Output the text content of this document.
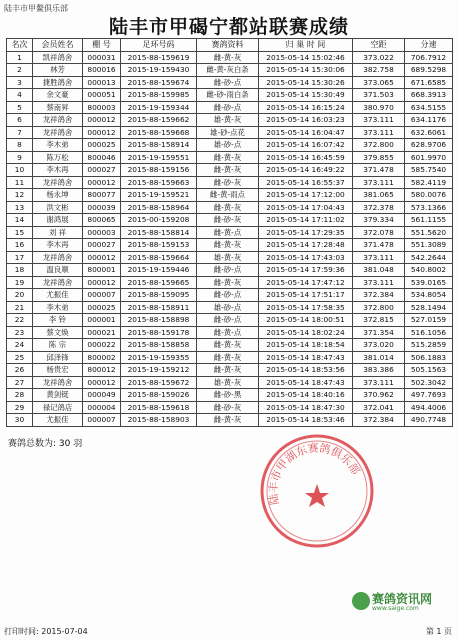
陆丰市甲鳌俱乐部
陆丰市甲碣宁都站联赛成绩
名次	会员姓名	棚 号	足环号码	赛鸽资料	归 巢 时 间	空距	分速
1	凯祥鸽舍	000031	2015-88-159619	雌-黄-灰	2015-05-14 15:02:46	373.022	706.7912
2	林芳	800016	2015-19-159430	雌-黄-灰白条	2015-05-14 15:30:06	382.758	689.5298
3	捷胜鸽舍	000013	2015-88-159674	雌-砂-点	2015-05-14 15:30:26	373.065	671.6585
4	余文豪	000051	2015-88-159985	雌-砂-雨白条	2015-05-14 15:30:49	371.503	668.3913
5	蔡南昇	800003	2015-19-159344	雌-砂-点	2015-05-14 16:15:24	380.970	634.5155
6	龙祥鸽舍	000012	2015-88-159662	雄-黄-灰	2015-05-14 16:03:23	373.111	634.1176
7	龙祥鸽舍	000012	2015-88-159668	雄-砂-点花	2015-05-14 16:04:47	373.111	632.6061
8	李木弟	000025	2015-88-158914	雄-砂-点	2015-05-14 16:07:42	372.800	628.9706
9	陈万松	800046	2015-19-159551	雌-黄-灰	2015-05-14 16:45:59	379.855	601.9970
10	李木再	000027	2015-88-159156	雌-黄-灰	2015-05-14 16:49:22	371.478	585.7540
11	龙祥鸽舍	000012	2015-88-159663	雌-砂-灰	2015-05-14 16:55:37	373.111	582.4119
12	杨永坤	800077	2015-19-159521	雌-黄-雨点	2015-05-14 17:12:00	381.065	580.0076
13	洪文彬	000039	2015-88-158964	雌-黄-灰	2015-05-14 17:04:43	372.378	573.1366
14	谢鸿展	800065	2015-00-159208	雌-砂-灰	2015-05-14 17:11:02	379.334	561.1155
15	刘 祥	000003	2015-88-158814	雌-黄-点	2015-05-14 17:29:35	372.078	551.5620
16	李木再	000027	2015-88-159153	雌-黄-灰	2015-05-14 17:28:48	371.478	551.3089
17	龙祥鸽舍	000012	2015-88-159664	雄-黄-灰	2015-05-14 17:43:03	373.111	542.2644
18	温良顺	800001	2015-19-159446	雌-砂-点	2015-05-14 17:59:36	381.048	540.8002
19	龙祥鸽舍	000012	2015-88-159665	雌-黄-灰	2015-05-14 17:47:12	373.111	539.0165
20	尤振佳	000007	2015-88-159095	雌-砂-点	2015-05-14 17:51:17	372.384	534.8054
21	李木弟	000025	2015-88-158911	雄-砂-点	2015-05-14 17:58:35	372.800	528.1494
22	李 铃	000001	2015-88-158898	雌-砂-点	2015-05-14 18:00:51	372.815	527.0159
23	蔡文焕	000021	2015-88-159178	雌-黄-点	2015-05-14 18:02:24	371.354	516.1056
24	陈 宗	000022	2015-88-158858	雌-黄-灰	2015-05-14 18:18:54	373.020	515.2859
25	邱泽锋	800002	2015-19-159355	雌-黄-灰	2015-05-14 18:47:43	381.014	506.1883
26	杨贵宏	800012	2015-19-159212	雌-黄-灰	2015-05-14 18:53:56	383.386	505.1563
27	龙祥鸽舍	000012	2015-88-159672	雄-黄-灰	2015-05-14 18:47:43	373.111	502.3042
28	黄剑铤	000049	2015-88-159026	雌-砂-黑	2015-05-14 18:40:16	370.962	497.7693
29	禄记鸽店	000004	2015-88-159618	雌-砂-灰	2015-05-14 18:47:30	372.041	494.4006
30	尤振佳	000007	2015-88-158903	雌-黄-灰	2015-05-14 18:53:46	372.384	490.7748
赛鸽总数为: 30 羽
陆丰市甲湖东赛鸽俱乐部
赛鸽资讯网
www.saige.com
打印时间: 2015-07-04	第 1 页
